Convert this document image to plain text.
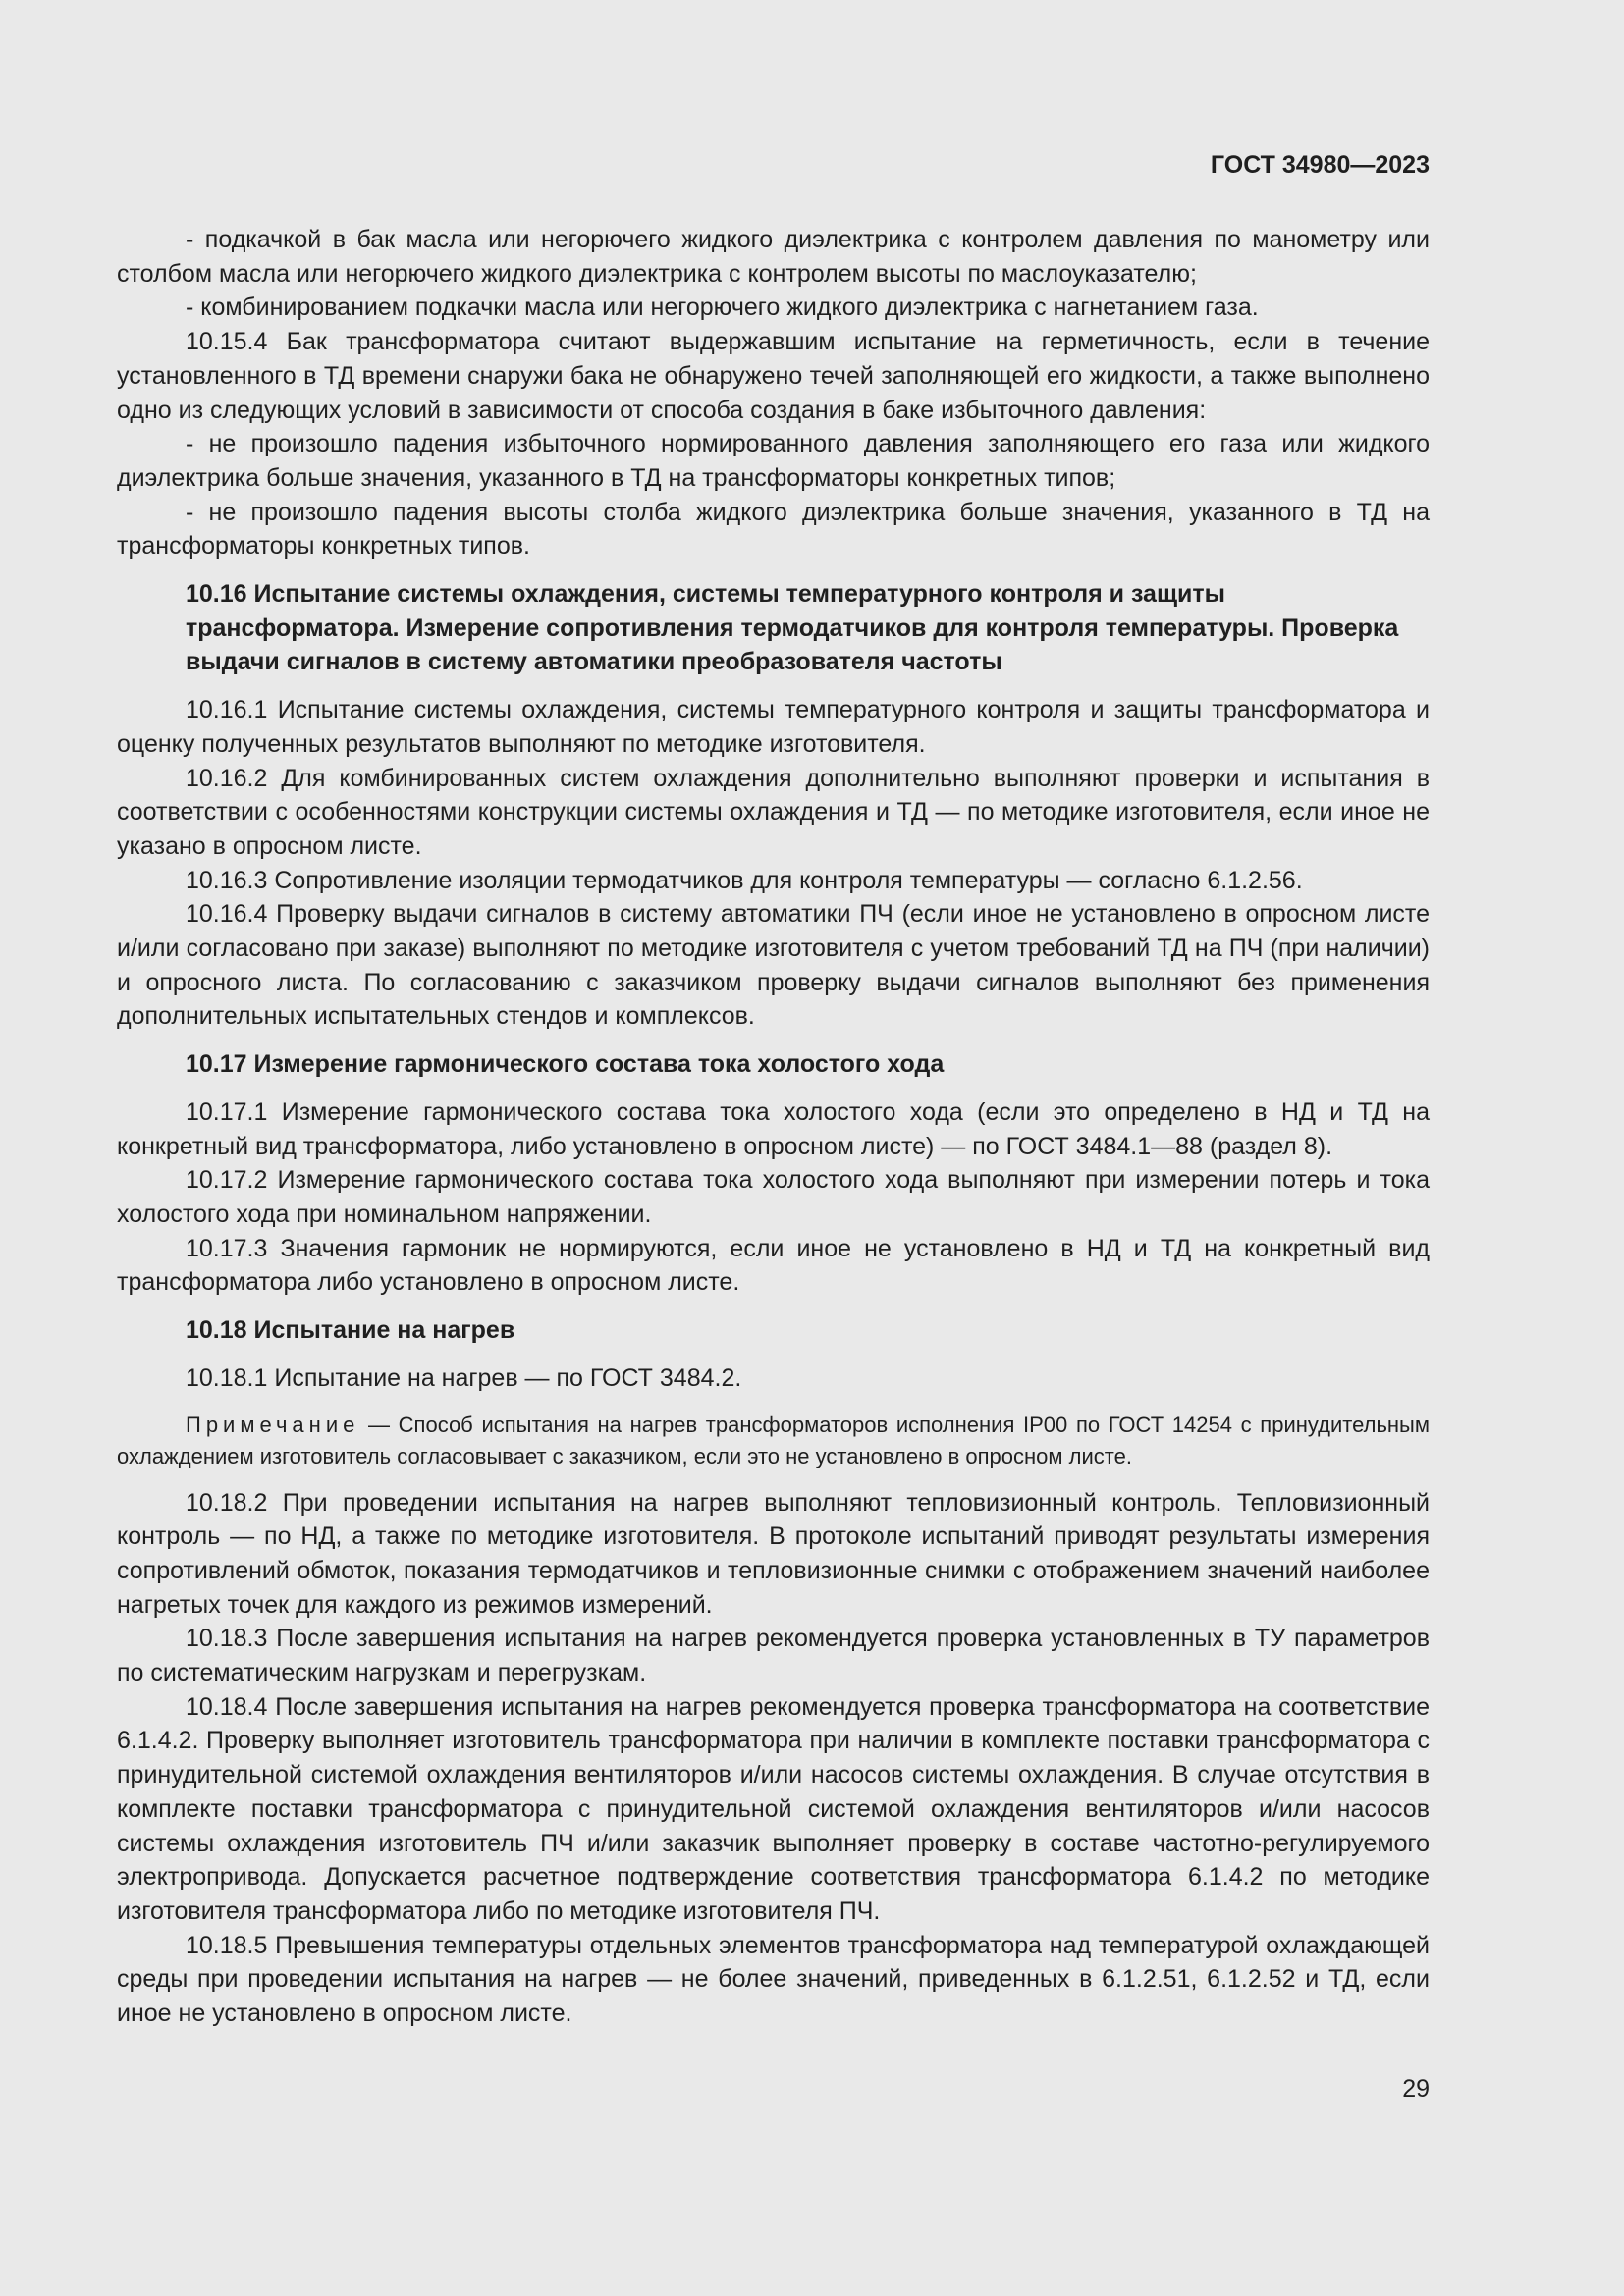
ГОСТ 34980—2023

- подкачкой в бак масла или негорючего жидкого диэлектрика с контролем давления по манометру или столбом масла или негорючего жидкого диэлектрика с контролем высоты по маслоуказателю;

- комбинированием подкачки масла или негорючего жидкого диэлектрика с нагнетанием газа.

10.15.4 Бак трансформатора считают выдержавшим испытание на герметичность, если в течение установленного в ТД времени снаружи бака не обнаружено течей заполняющей его жидкости, а также выполнено одно из следующих условий в зависимости от способа создания в баке избыточного давления:

- не произошло падения избыточного нормированного давления заполняющего его газа или жидкого диэлектрика больше значения, указанного в ТД на трансформаторы конкретных типов;

- не произошло падения высоты столба жидкого диэлектрика больше значения, указанного в ТД на трансформаторы конкретных типов.

10.16 Испытание системы охлаждения, системы температурного контроля и защиты трансформатора. Измерение сопротивления термодатчиков для контроля температуры. Проверка выдачи сигналов в систему автоматики преобразователя частоты

10.16.1 Испытание системы охлаждения, системы температурного контроля и защиты трансформатора и оценку полученных результатов выполняют по методике изготовителя.

10.16.2 Для комбинированных систем охлаждения дополнительно выполняют проверки и испытания в соответствии с особенностями конструкции системы охлаждения и ТД — по методике изготовителя, если иное не указано в опросном листе.

10.16.3 Сопротивление изоляции термодатчиков для контроля температуры — согласно 6.1.2.56.

10.16.4 Проверку выдачи сигналов в систему автоматики ПЧ (если иное не установлено в опросном листе и/или согласовано при заказе) выполняют по методике изготовителя с учетом требований ТД на ПЧ (при наличии) и опросного листа. По согласованию с заказчиком проверку выдачи сигналов выполняют без применения дополнительных испытательных стендов и комплексов.

10.17 Измерение гармонического состава тока холостого хода

10.17.1 Измерение гармонического состава тока холостого хода (если это определено в НД и ТД на конкретный вид трансформатора, либо установлено в опросном листе) — по ГОСТ 3484.1—88 (раздел 8).

10.17.2 Измерение гармонического состава тока холостого хода выполняют при измерении потерь и тока холостого хода при номинальном напряжении.

10.17.3 Значения гармоник не нормируются, если иное не установлено в НД и ТД на конкретный вид трансформатора либо установлено в опросном листе.

10.18 Испытание на нагрев

10.18.1 Испытание на нагрев — по ГОСТ 3484.2.

Примечание — Способ испытания на нагрев трансформаторов исполнения IP00 по ГОСТ 14254 с принудительным охлаждением изготовитель согласовывает с заказчиком, если это не установлено в опросном листе.

10.18.2 При проведении испытания на нагрев выполняют тепловизионный контроль. Тепловизионный контроль — по НД, а также по методике изготовителя. В протоколе испытаний приводят результаты измерения сопротивлений обмоток, показания термодатчиков и тепловизионные снимки с отображением значений наиболее нагретых точек для каждого из режимов измерений.

10.18.3 После завершения испытания на нагрев рекомендуется проверка установленных в ТУ параметров по систематическим нагрузкам и перегрузкам.

10.18.4 После завершения испытания на нагрев рекомендуется проверка трансформатора на соответствие 6.1.4.2. Проверку выполняет изготовитель трансформатора при наличии в комплекте поставки трансформатора с принудительной системой охлаждения вентиляторов и/или насосов системы охлаждения. В случае отсутствия в комплекте поставки трансформатора с принудительной системой охлаждения вентиляторов и/или насосов системы охлаждения изготовитель ПЧ и/или заказчик выполняет проверку в составе частотно-регулируемого электропривода. Допускается расчетное подтверждение соответствия трансформатора 6.1.4.2 по методике изготовителя трансформатора либо по методике изготовителя ПЧ.

10.18.5 Превышения температуры отдельных элементов трансформатора над температурой охлаждающей среды при проведении испытания на нагрев — не более значений, приведенных в 6.1.2.51, 6.1.2.52 и ТД, если иное не установлено в опросном листе.

29
